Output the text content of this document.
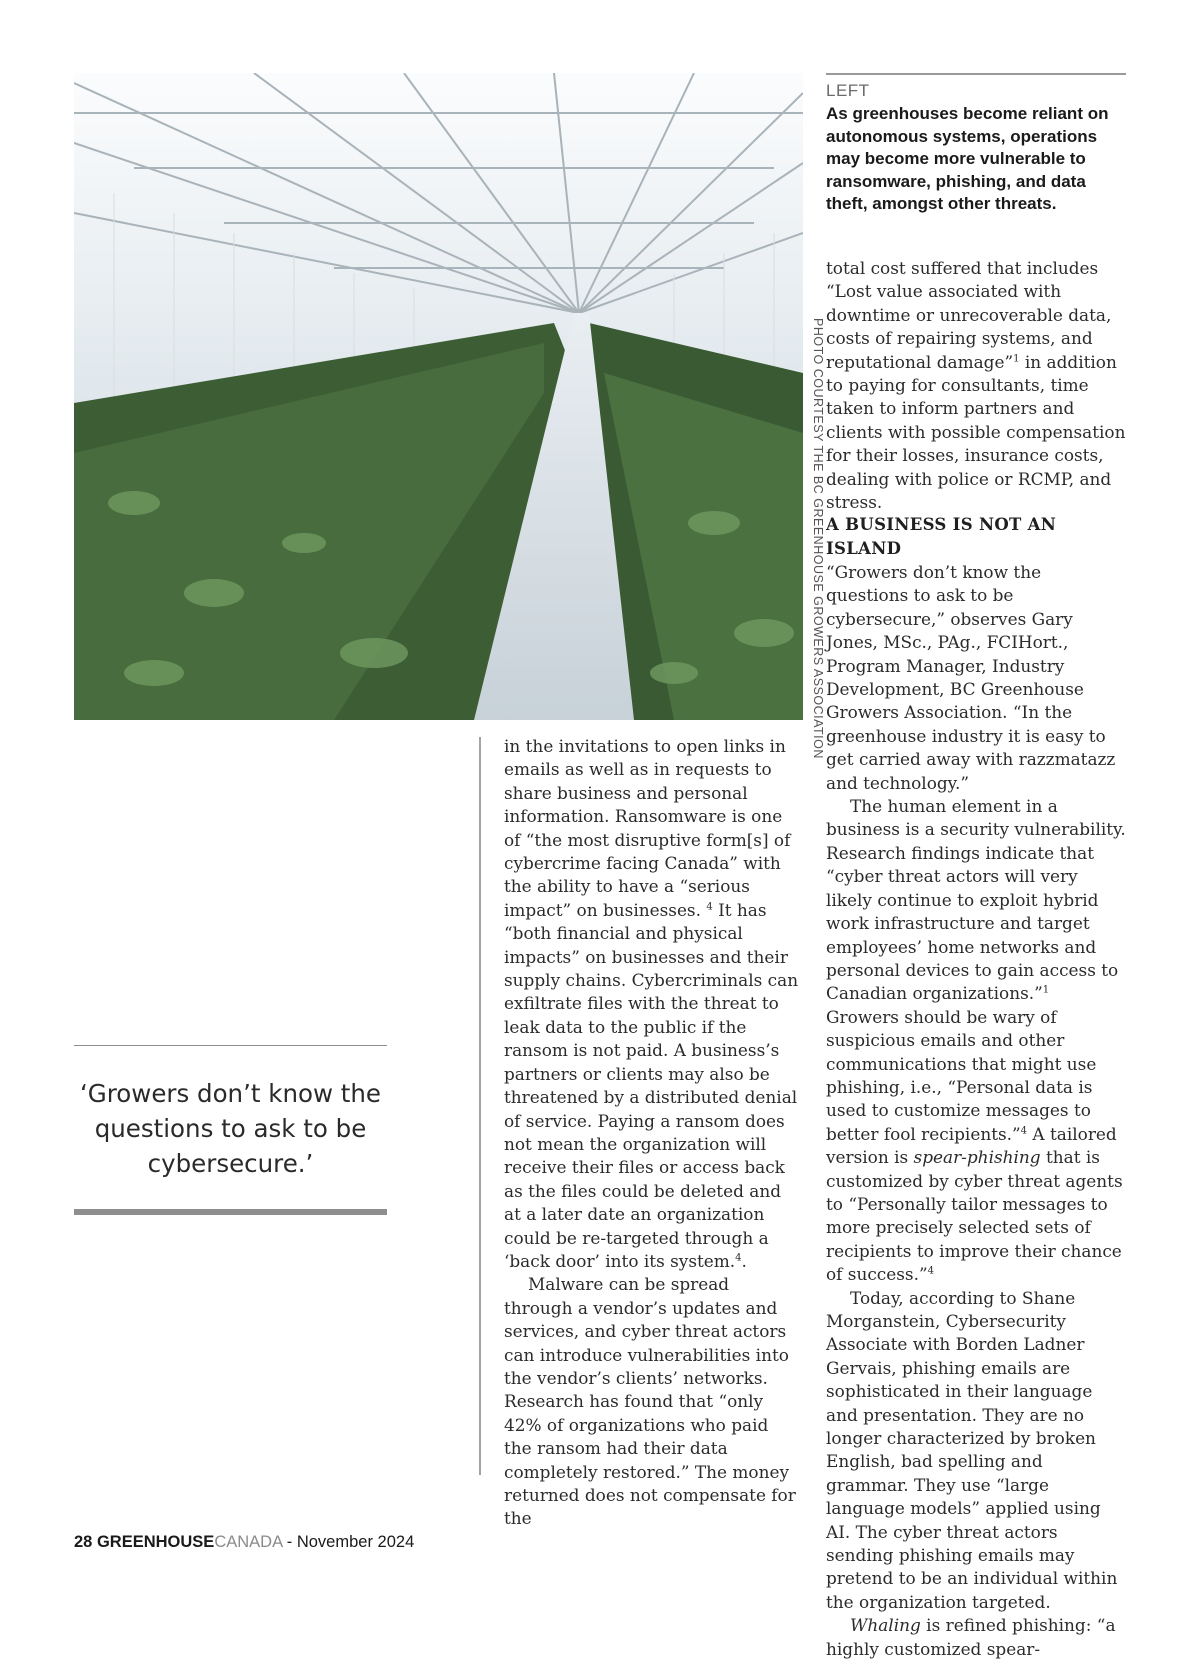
PHOTO COURTESY THE BC GREENHOUSE GROWERS ASSOCIATION
LEFT
As greenhouses become reliant on autonomous systems, operations may become more vulnerable to ransomware, phishing, and data theft, amongst other threats.
‘Growers don’t know the questions to ask to be cybersecure.’

in the invitations to open links in emails as well as in requests to share business and personal information. Ransomware is one of “the most disruptive form[s] of cybercrime facing Canada” with the ability to have a “serious impact” on businesses. $^4$ It has “both financial and physical impacts” on businesses and their supply chains. Cybercriminals can exfiltrate files with the threat to leak data to the public if the ransom is not paid. A business’s partners or clients may also be threatened by a distributed denial of service. Paying a ransom does not mean the organization will receive their files or access back as the files could be deleted and at a later date an organization could be re-targeted through a ‘back door’ into its system.$^4$.

Malware can be spread through a vendor’s updates and services, and cyber threat actors can introduce vulnerabilities into the vendor’s clients’ networks. Research has found that “only 42% of organizations who paid the ransom had their data completely restored.” The money returned does not compensate for the

total cost suffered that includes “Lost value associated with downtime or unrecoverable data, costs of repairing systems, and reputational damage”$^1$ in addition to paying for consultants, time taken to inform partners and clients with possible compensation for their losses, insurance costs, dealing with police or RCMP, and stress.

A BUSINESS IS NOT AN ISLAND

“Growers don’t know the questions to ask to be cybersecure,” observes Gary Jones, MSc., PAg., FCIHort., Program Manager, Industry Development, BC Greenhouse Growers Association. “In the greenhouse industry it is easy to get carried away with razzmatazz and technology.”

The human element in a business is a security vulnerability. Research findings indicate that “cyber threat actors will very likely continue to exploit hybrid work infrastructure and target employees’ home networks and personal devices to gain access to Canadian organizations.”$^1$ Growers should be wary of suspicious emails and other communications that might use phishing, i.e., “Personal data is used to customize messages to better fool recipients.”$^4$ A tailored version is spear-phishing that is customized by cyber threat agents to “Personally tailor messages to more precisely selected sets of recipients to improve their chance of success.”$^4$

Today, according to Shane Morganstein, Cybersecurity Associate with Borden Ladner Gervais, phishing emails are sophisticated in their language and presentation. They are no longer characterized by broken English, bad spelling and grammar. They use “large language models” applied using AI. The cyber threat actors sending phishing emails may pretend to be an individual within the organization targeted.

Whaling is refined phishing: “a highly customized spear-

28 GREENHOUSECANADA - November 2024
